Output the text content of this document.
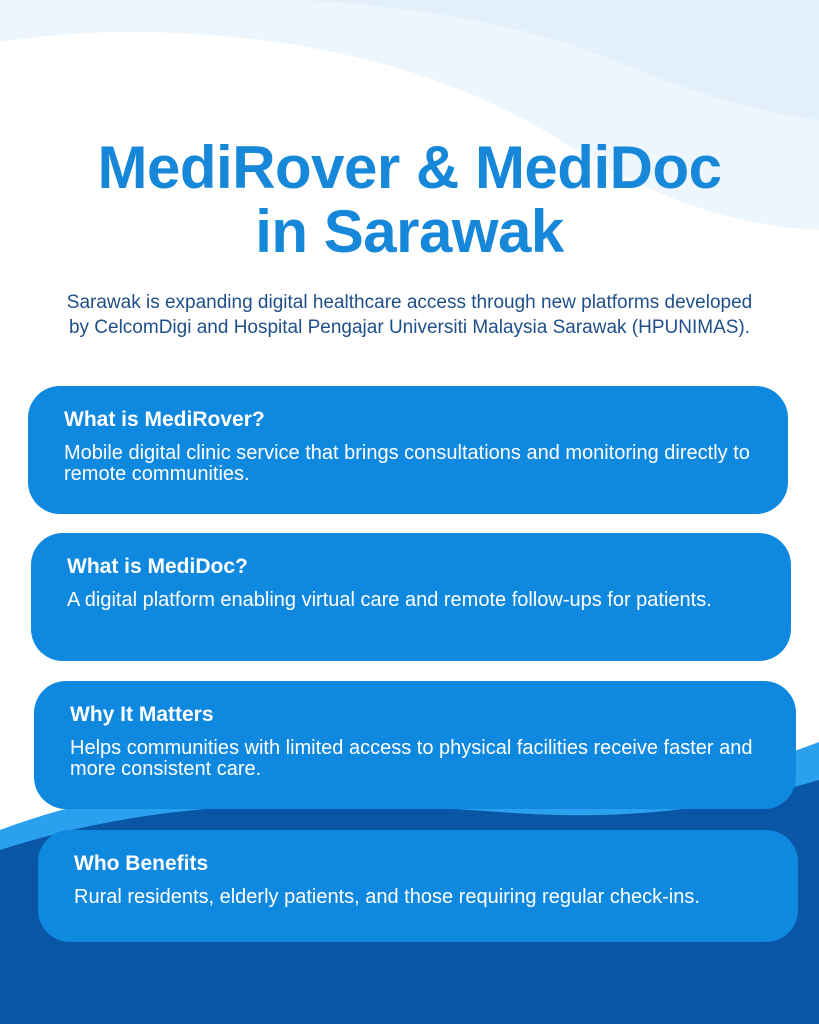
MediRover & MediDoc
in Sarawak

Sarawak is expanding digital healthcare access through new platforms developed by CelcomDigi and Hospital Pengajar Universiti Malaysia Sarawak (HPUNIMAS).

What is MediRover?

Mobile digital clinic service that brings consultations and monitoring directly to remote communities.

What is MediDoc?

A digital platform enabling virtual care and remote follow-ups for patients.

Why It Matters

Helps communities with limited access to physical facilities receive faster and more consistent care.

Who Benefits

Rural residents, elderly patients, and those requiring regular check-ins.
